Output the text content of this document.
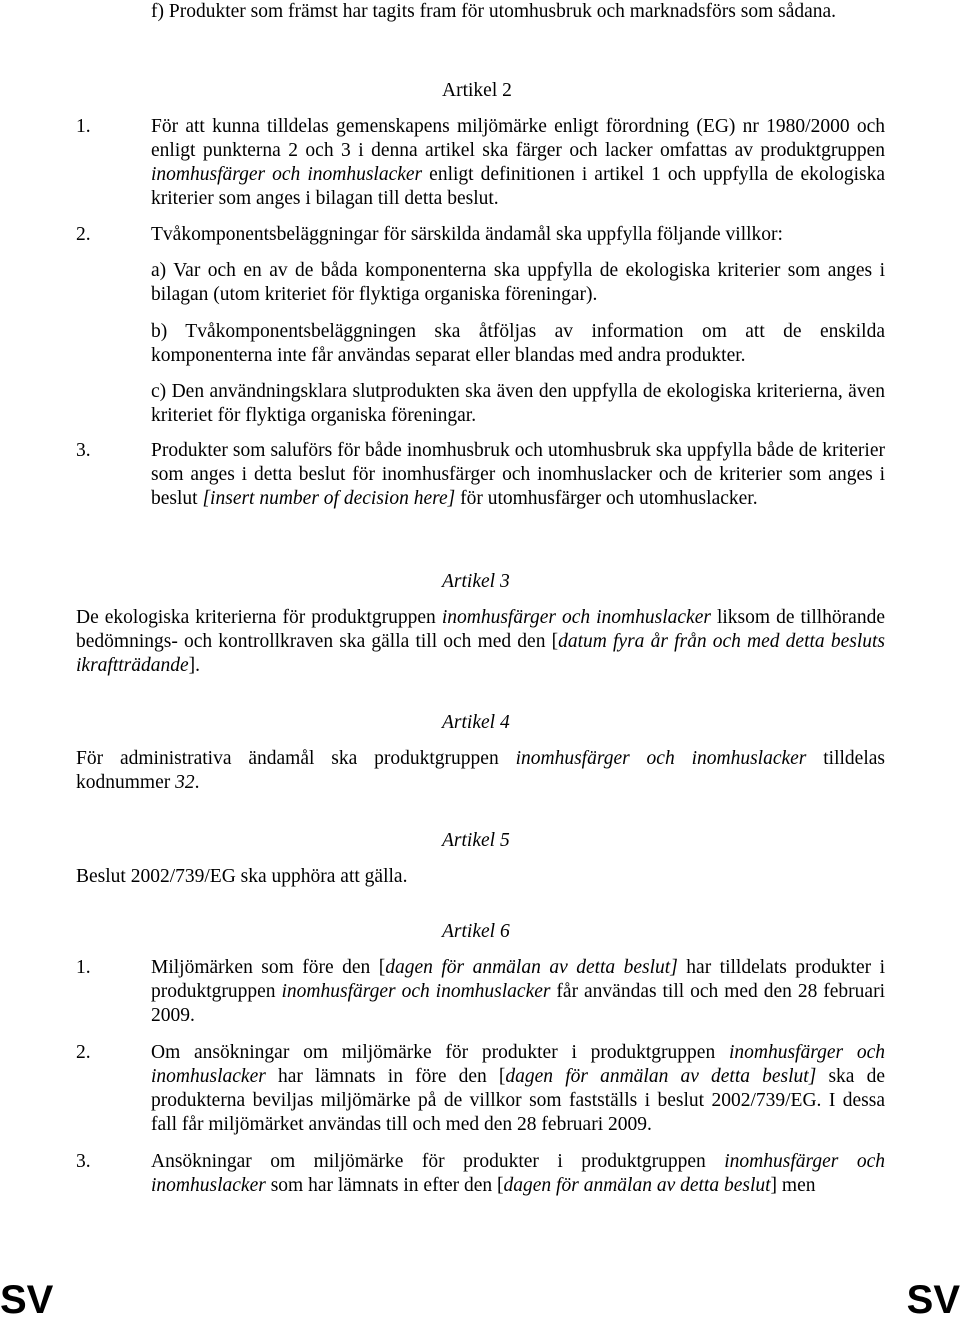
f) Produkter som främst har tagits fram för utomhusbruk och marknadsförs som sådana.

Artikel 2
1.	För att kunna tilldelas gemenskapens miljömärke enligt förordning (EG) nr 1980/2000 och enligt punkterna 2 och 3 i denna artikel ska färger och lacker omfattas av produktgruppen inomhusfärger och inomhuslacker enligt definitionen i artikel 1 och uppfylla de ekologiska kriterier som anges i bilagan till detta beslut.

2.	Tvåkomponentsbeläggningar för särskilda ändamål ska uppfylla följande villkor:

a) Var och en av de båda komponenterna ska uppfylla de ekologiska kriterier som anges i bilagan (utom kriteriet för flyktiga organiska föreningar).

b) Tvåkomponentsbeläggningen ska åtföljas av information om att de enskilda komponenterna inte får användas separat eller blandas med andra produkter.

c) Den användningsklara slutprodukten ska även den uppfylla de ekologiska kriterierna, även kriteriet för flyktiga organiska föreningar.

3.	Produkter som saluförs för både inomhusbruk och utomhusbruk ska uppfylla både de kriterier som anges i detta beslut för inomhusfärger och inomhuslacker och de kriterier som anges i beslut [insert number of decision here] för utomhusfärger och utomhuslacker.

Artikel 3

De ekologiska kriterierna för produktgruppen inomhusfärger och inomhuslacker liksom de tillhörande bedömnings- och kontrollkraven ska gälla till och med den [datum fyra år från och med detta besluts ikraftträdande].

Artikel 4

För administrativa ändamål ska produktgruppen inomhusfärger och inomhuslacker tilldelas kodnummer 32.

Artikel 5

Beslut 2002/739/EG ska upphöra att gälla.

Artikel 6
1.	Miljömärken som före den [dagen för anmälan av detta beslut] har tilldelats produkter i produktgruppen inomhusfärger och inomhuslacker får användas till och med den 28 februari 2009.

2.	Om ansökningar om miljömärke för produkter i produktgruppen inomhusfärger och inomhuslacker har lämnats in före den [dagen för anmälan av detta beslut] ska de produkterna beviljas miljömärke på de villkor som fastställs i beslut 2002/739/EG. I dessa fall får miljömärket användas till och med den 28 februari 2009.

3.	Ansökningar om miljömärke för produkter i produktgruppen inomhusfärger och inomhuslacker som har lämnats in efter den [dagen för anmälan av detta beslut] men

SV	SV
